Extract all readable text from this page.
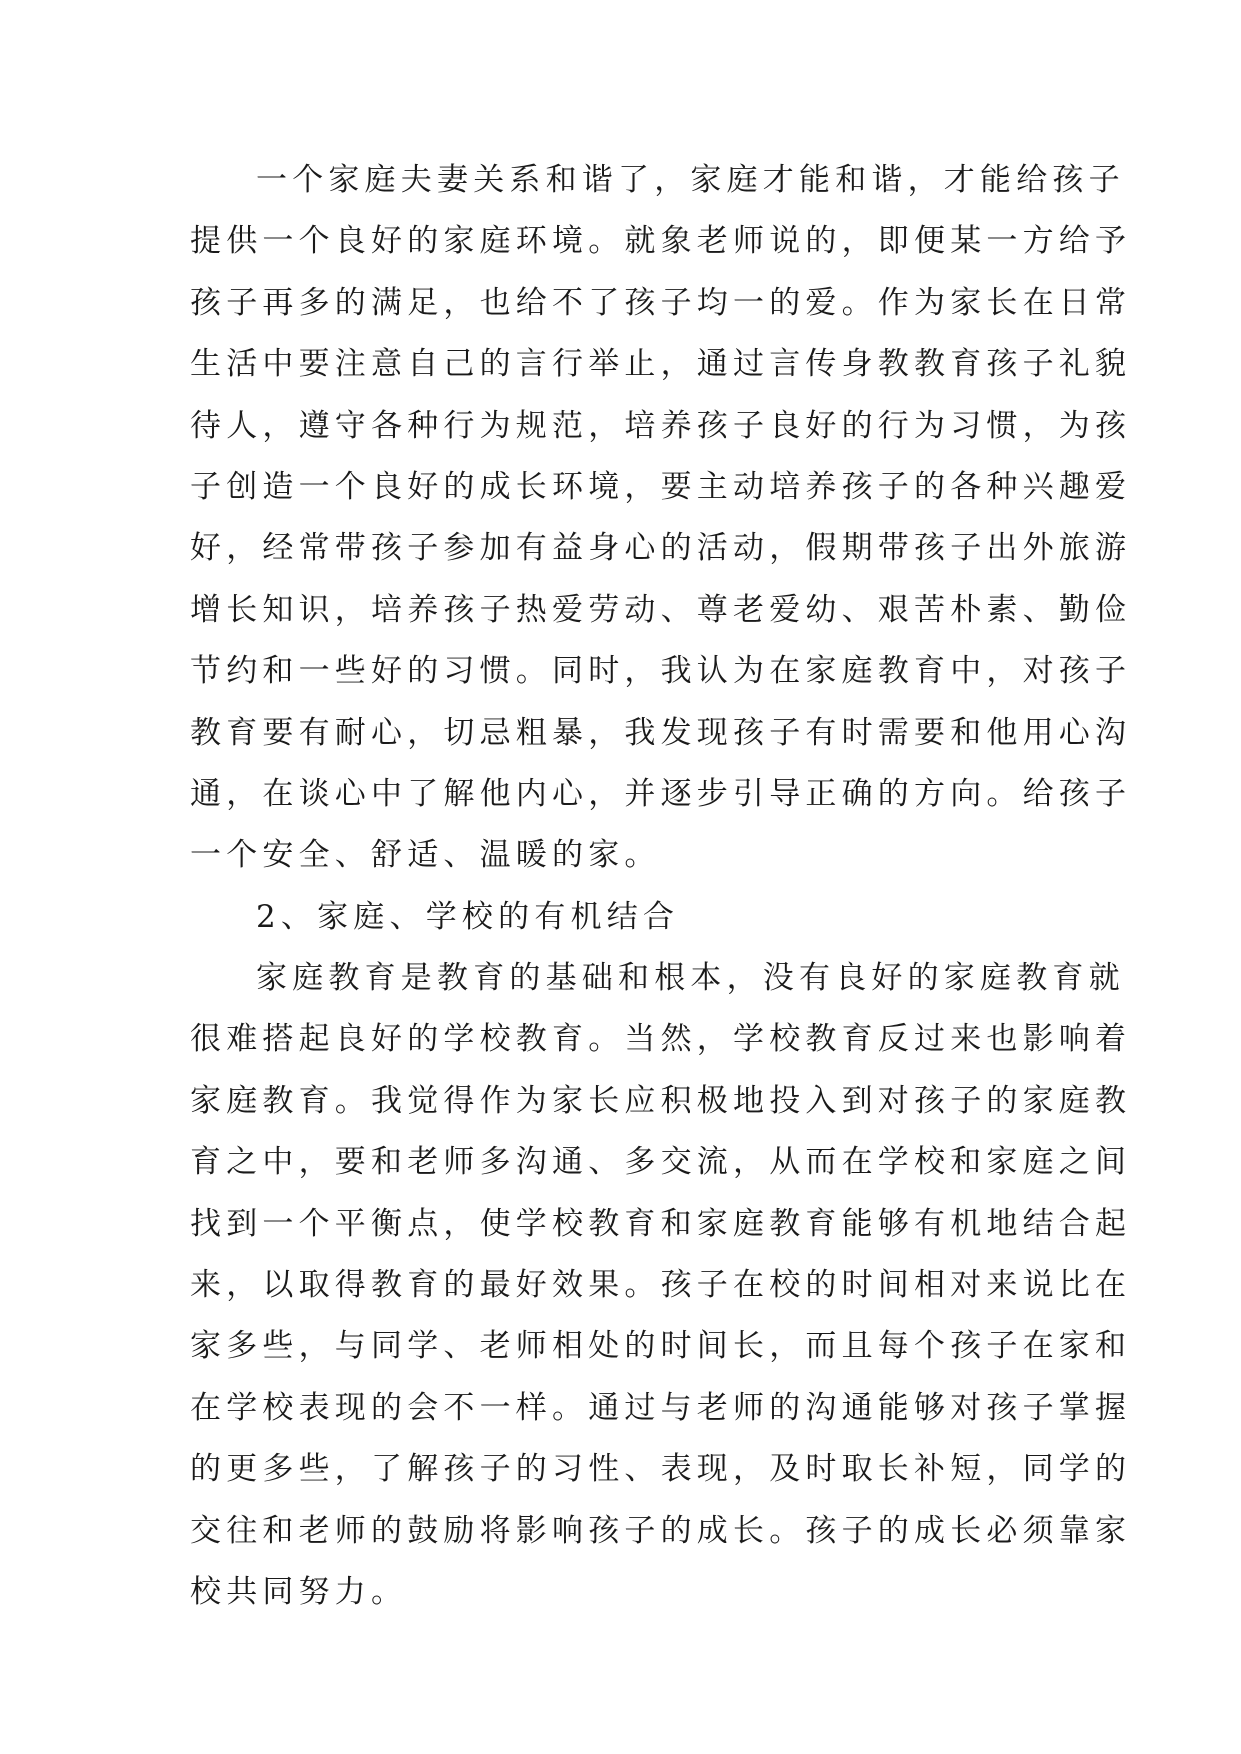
一个家庭夫妻关系和谐了，家庭才能和谐，才能给孩子
提供一个良好的家庭环境。就象老师说的，即便某一方给予
孩子再多的满足，也给不了孩子均一的爱。作为家长在日常
生活中要注意自己的言行举止，通过言传身教教育孩子礼貌
待人，遵守各种行为规范，培养孩子良好的行为习惯，为孩
子创造一个良好的成长环境，要主动培养孩子的各种兴趣爱
好，经常带孩子参加有益身心的活动，假期带孩子出外旅游
增长知识，培养孩子热爱劳动、尊老爱幼、艰苦朴素、勤俭
节约和一些好的习惯。同时，我认为在家庭教育中，对孩子
教育要有耐心，切忌粗暴，我发现孩子有时需要和他用心沟
通，在谈心中了解他内心，并逐步引导正确的方向。给孩子
一个安全、舒适、温暖的家。
2、家庭、学校的有机结合
家庭教育是教育的基础和根本，没有良好的家庭教育就
很难搭起良好的学校教育。当然，学校教育反过来也影响着
家庭教育。我觉得作为家长应积极地投入到对孩子的家庭教
育之中，要和老师多沟通、多交流，从而在学校和家庭之间
找到一个平衡点，使学校教育和家庭教育能够有机地结合起
来，以取得教育的最好效果。孩子在校的时间相对来说比在
家多些，与同学、老师相处的时间长，而且每个孩子在家和
在学校表现的会不一样。通过与老师的沟通能够对孩子掌握
的更多些，了解孩子的习性、表现，及时取长补短，同学的
交往和老师的鼓励将影响孩子的成长。孩子的成长必须靠家
校共同努力。
